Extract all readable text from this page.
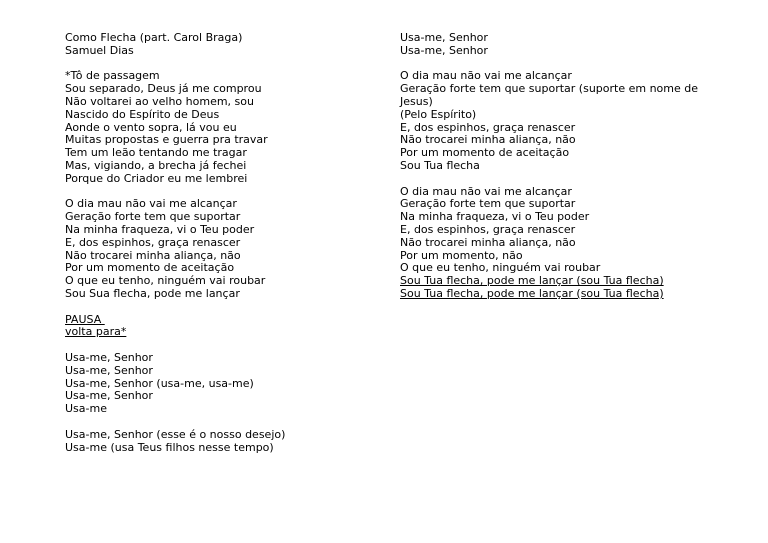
Como Flecha (part. Carol Braga)
Samuel Dias
*Tô de passagem
Sou separado, Deus já me comprou
Não voltarei ao velho homem, sou
Nascido do Espírito de Deus
Aonde o vento sopra, lá vou eu
Muitas propostas e guerra pra travar
Tem um leão tentando me tragar
Mas, vigiando, a brecha já fechei
Porque do Criador eu me lembrei
O dia mau não vai me alcançar
Geração forte tem que suportar
Na minha fraqueza, vi o Teu poder
E, dos espinhos, graça renascer
Não trocarei minha aliança, não
Por um momento de aceitação
O que eu tenho, ninguém vai roubar
Sou Sua flecha, pode me lançar
PAUSA
volta para*
Usa-me, Senhor
Usa-me, Senhor
Usa-me, Senhor (usa-me, usa-me)
Usa-me, Senhor
Usa-me
Usa-me, Senhor (esse é o nosso desejo)
Usa-me (usa Teus filhos nesse tempo)
Usa-me, Senhor
Usa-me, Senhor
O dia mau não vai me alcançar
Geração forte tem que suportar (suporte em nome de Jesus)
(Pelo Espírito)
E, dos espinhos, graça renascer
Não trocarei minha aliança, não
Por um momento de aceitação
Sou Tua flecha
O dia mau não vai me alcançar
Geração forte tem que suportar
Na minha fraqueza, vi o Teu poder
E, dos espinhos, graça renascer
Não trocarei minha aliança, não
Por um momento, não
O que eu tenho, ninguém vai roubar
Sou Tua flecha, pode me lançar (sou Tua flecha)
Sou Tua flecha, pode me lançar (sou Tua flecha)
